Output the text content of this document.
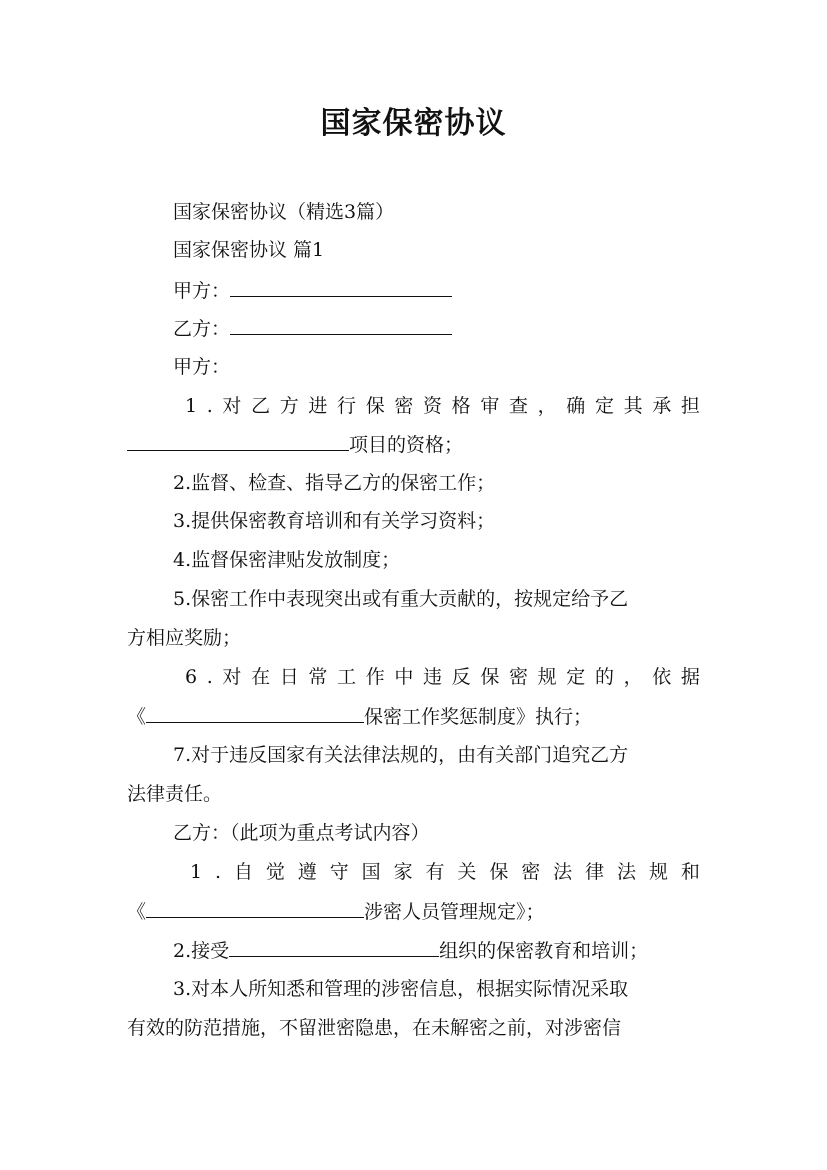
国家保密协议
国家保密协议（精选3篇）
国家保密协议 篇1
甲方：
乙方：
甲方：
1 . 对 乙 方 进 行 保 密 资 格 审 查 ， 确 定 其 承 担
项目的资格；
2.监督、检查、指导乙方的保密工作；
3.提供保密教育培训和有关学习资料；
4.监督保密津贴发放制度；
5.保密工作中表现突出或有重大贡献的，按规定给予乙
方相应奖励；
6 . 对 在 日 常 工 作 中 违 反 保 密 规 定 的 ， 依 据
《	保密工作奖惩制度》执行；
7.对于违反国家有关法律法规的，由有关部门追究乙方
法律责任。
乙方：（此项为重点考试内容）
1 . 自 觉 遵 守 国 家 有 关 保 密 法 律 法 规 和
《	涉密人员管理规定》；
2.接受	组织的保密教育和培训；
3.对本人所知悉和管理的涉密信息，根据实际情况采取
有效的防范措施，不留泄密隐患，在未解密之前，对涉密信
